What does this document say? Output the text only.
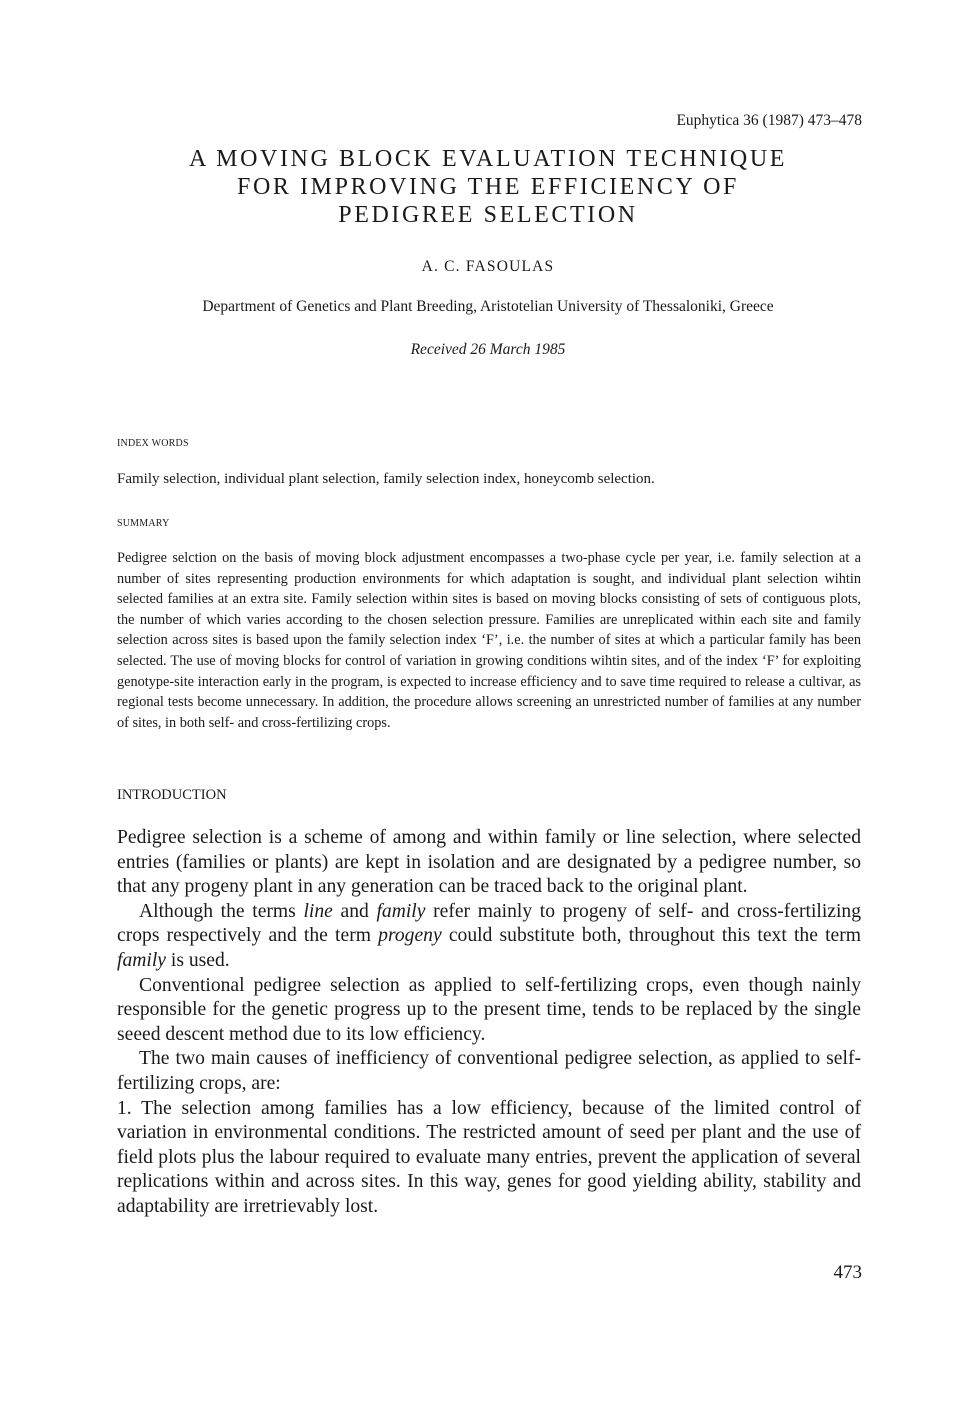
Euphytica 36 (1987) 473–478
A MOVING BLOCK EVALUATION TECHNIQUE
FOR IMPROVING THE EFFICIENCY OF
PEDIGREE SELECTION
A. C. FASOULAS
Department of Genetics and Plant Breeding, Aristotelian University of Thessaloniki, Greece
Received 26 March 1985
INDEX WORDS
Family selection, individual plant selection, family selection index, honeycomb selection.
SUMMARY
Pedigree selction on the basis of moving block adjustment encompasses a two-phase cycle per year, i.e. family selection at a number of sites representing production environments for which adaptation is sought, and individual plant selection wihtin selected families at an extra site. Family selection within sites is based on moving blocks consisting of sets of contiguous plots, the number of which varies according to the chosen selection pressure. Families are unreplicated within each site and family selection across sites is based upon the family selection index ‘F’, i.e. the number of sites at which a particular family has been selected. The use of moving blocks for control of variation in growing conditions wihtin sites, and of the index ‘F’ for exploiting genotype-site interaction early in the program, is expected to increase efficiency and to save time required to release a cultivar, as regional tests become unnecessary. In addition, the procedure allows screening an unrestricted number of families at any number of sites, in both self- and cross-fertilizing crops.
INTRODUCTION

Pedigree selection is a scheme of among and within family or line selection, where selected entries (families or plants) are kept in isolation and are designated by a pedigree number, so that any progeny plant in any generation can be traced back to the original plant.

Although the terms line and family refer mainly to progeny of self- and cross-fertilizing crops respectively and the term progeny could substitute both, throughout this text the term family is used.

Conventional pedigree selection as applied to self-fertilizing crops, even though nainly responsible for the genetic progress up to the present time, tends to be replaced by the single seeed descent method due to its low efficiency.

The two main causes of inefficiency of conventional pedigree selection, as applied to self-fertilizing crops, are:

1. The selection among families has a low efficiency, because of the limited control of variation in environmental conditions. The restricted amount of seed per plant and the use of field plots plus the labour required to evaluate many entries, prevent the application of several replications within and across sites. In this way, genes for good yielding ability, stability and adaptability are irretrievably lost.

473
